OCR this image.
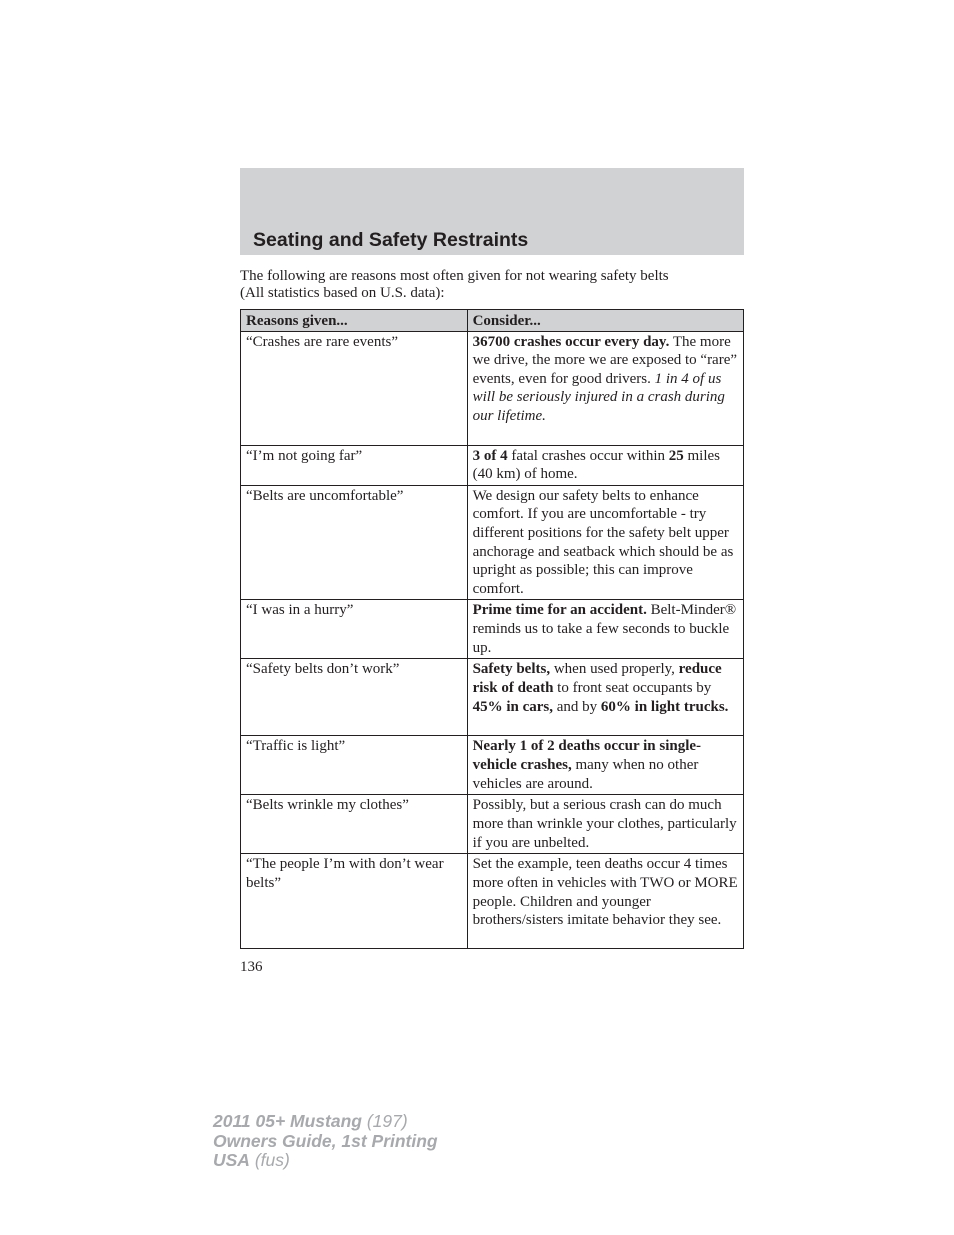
Seating and Safety Restraints
The following are reasons most often given for not wearing safety belts
(All statistics based on U.S. data):
Reasons given...	Consider...
“Crashes are rare events”	36700 crashes occur every day. The more we drive, the more we are exposed to “rare” events, even for good drivers. 1 in 4 of us will be seriously injured in a crash during our lifetime.
“I’m not going far”	3 of 4 fatal crashes occur within 25 miles (40 km) of home.
“Belts are uncomfortable”	We design our safety belts to enhance comfort. If you are uncomfortable - try different positions for the safety belt upper anchorage and seatback which should be as upright as possible; this can improve comfort.
“I was in a hurry”	Prime time for an accident. Belt-Minder® reminds us to take a few seconds to buckle up.
“Safety belts don’t work”	Safety belts, when used properly, reduce risk of death to front seat occupants by 45% in cars, and by 60% in light trucks.
“Traffic is light”	Nearly 1 of 2 deaths occur in single-vehicle crashes, many when no other vehicles are around.
“Belts wrinkle my clothes”	Possibly, but a serious crash can do much more than wrinkle your clothes, particularly if you are unbelted.
“The people I’m with don’t wear belts”	Set the example, teen deaths occur 4 times more often in vehicles with TWO or MORE people. Children and younger brothers/sisters imitate behavior they see.
136
2011 05+ Mustang (197)
Owners Guide, 1st Printing
USA (fus)
